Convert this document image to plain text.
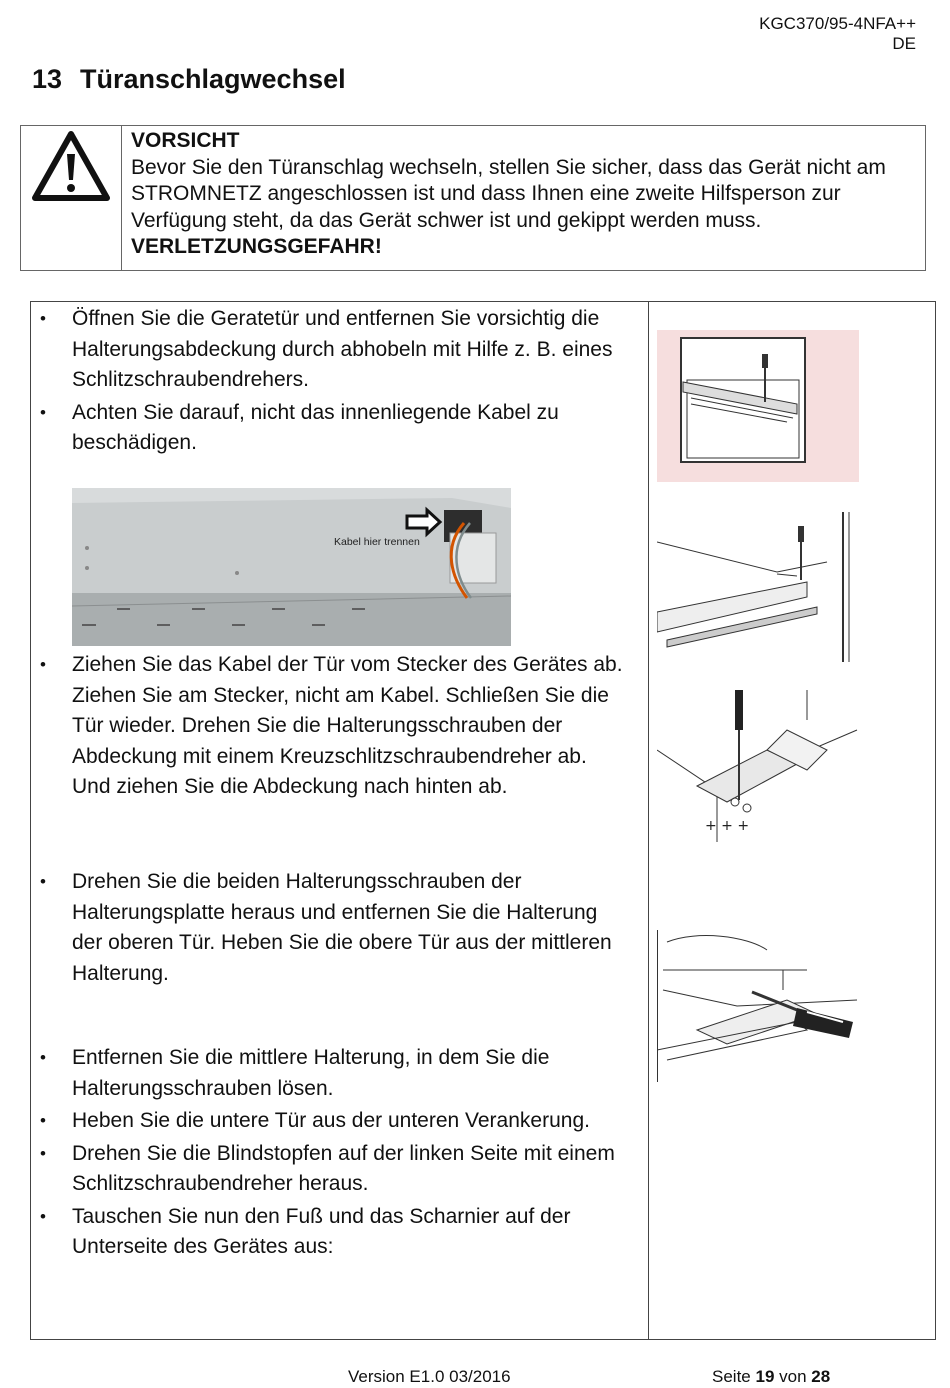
KGC370/95-4NFA++
DE
13 Türanschlagwechsel
VORSICHT
Bevor Sie den Türanschlag wechseln, stellen Sie sicher, dass das Gerät nicht am STROMNETZ angeschlossen ist und dass Ihnen eine zweite Hilfsperson zur Verfügung steht, da das Gerät schwer ist und gekippt werden muss. VERLETZUNGSGEFAHR!
• Öffnen Sie die Geratetür und entfernen Sie vorsichtig die Halterungsabdeckung durch abhobeln mit Hilfe z. B. eines Schlitzschraubendrehers.
• Achten Sie darauf, nicht das innenliegende Kabel zu beschädigen.
Kabel hier trennen
• Ziehen Sie das Kabel der Tür vom Stecker des Gerätes ab. Ziehen Sie am Stecker, nicht am Kabel. Schließen Sie die Tür wieder. Drehen Sie die Halterungsschrauben der Abdeckung mit einem Kreuzschlitzschraubendreher ab. Und ziehen Sie die Abdeckung nach hinten ab.
• Drehen Sie die beiden Halterungsschrauben der Halterungsplatte heraus und entfernen Sie die Halterung der oberen Tür. Heben Sie die obere Tür aus der mittleren Halterung.
• Entfernen Sie die mittlere Halterung, in dem Sie die Halterungsschrauben lösen.
• Heben Sie die untere Tür aus der unteren Verankerung.
• Drehen Sie die Blindstopfen auf der linken Seite mit einem Schlitzschraubendreher heraus.
• Tauschen Sie nun den Fuß und das Scharnier auf der Unterseite des Gerätes aus:
+ + +
Version E1.0 03/2016	Seite 19 von 28
